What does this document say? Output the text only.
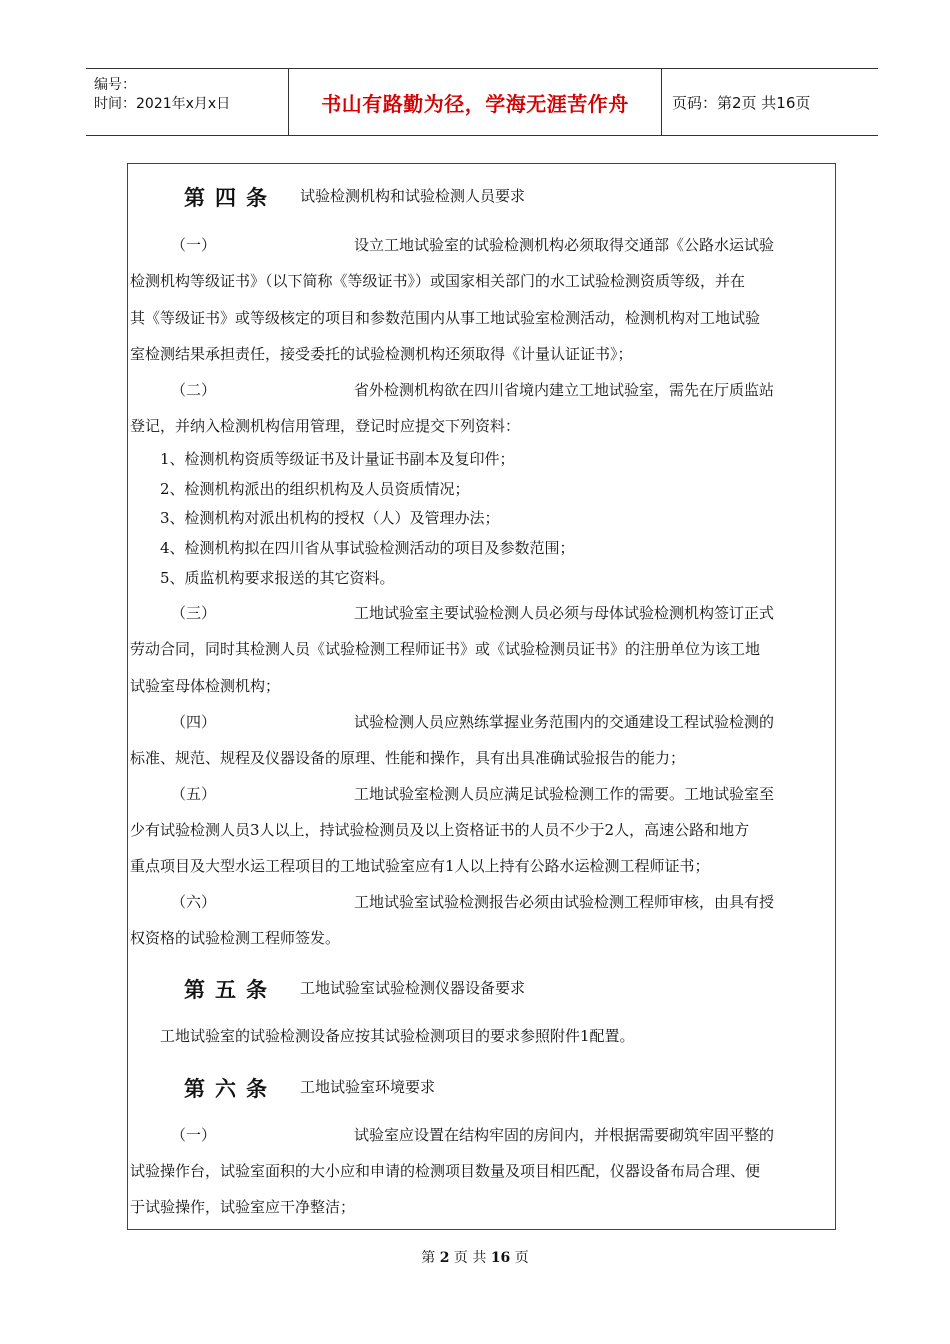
编号：
时间：2021年x月x日	书山有路勤为径，学海无涯苦作舟	页码：第2页 共16页
第四条 试验检测机构和试验检测人员要求
（一）	设立工地试验室的试验检测机构必须取得交通部《公路水运试验
检测机构等级证书》（以下简称《等级证书》）或国家相关部门的水工试验检测资质等级，并在
其《等级证书》或等级核定的项目和参数范围内从事工地试验室检测活动，检测机构对工地试验
室检测结果承担责任，接受委托的试验检测机构还须取得《计量认证证书》；
（二）	省外检测机构欲在四川省境内建立工地试验室，需先在厅质监站
登记，并纳入检测机构信用管理，登记时应提交下列资料：
1、检测机构资质等级证书及计量证书副本及复印件；
2、检测机构派出的组织机构及人员资质情况；
3、检测机构对派出机构的授权（人）及管理办法；
4、检测机构拟在四川省从事试验检测活动的项目及参数范围；
5、质监机构要求报送的其它资料。
（三）	工地试验室主要试验检测人员必须与母体试验检测机构签订正式
劳动合同，同时其检测人员《试验检测工程师证书》或《试验检测员证书》的注册单位为该工地
试验室母体检测机构；
（四）	试验检测人员应熟练掌握业务范围内的交通建设工程试验检测的
标准、规范、规程及仪器设备的原理、性能和操作，具有出具准确试验报告的能力；
（五）	工地试验室检测人员应满足试验检测工作的需要。工地试验室至
少有试验检测人员3人以上，持试验检测员及以上资格证书的人员不少于2人，高速公路和地方
重点项目及大型水运工程项目的工地试验室应有1人以上持有公路水运检测工程师证书；
（六）	工地试验室试验检测报告必须由试验检测工程师审核，由具有授
权资格的试验检测工程师签发。
第五条 工地试验室试验检测仪器设备要求
工地试验室的试验检测设备应按其试验检测项目的要求参照附件1配置。
第六条 工地试验室环境要求
（一）	试验室应设置在结构牢固的房间内，并根据需要砌筑牢固平整的
试验操作台，试验室面积的大小应和申请的检测项目数量及项目相匹配，仪器设备布局合理、便
于试验操作，试验室应干净整洁；
第 2 页 共 16 页
